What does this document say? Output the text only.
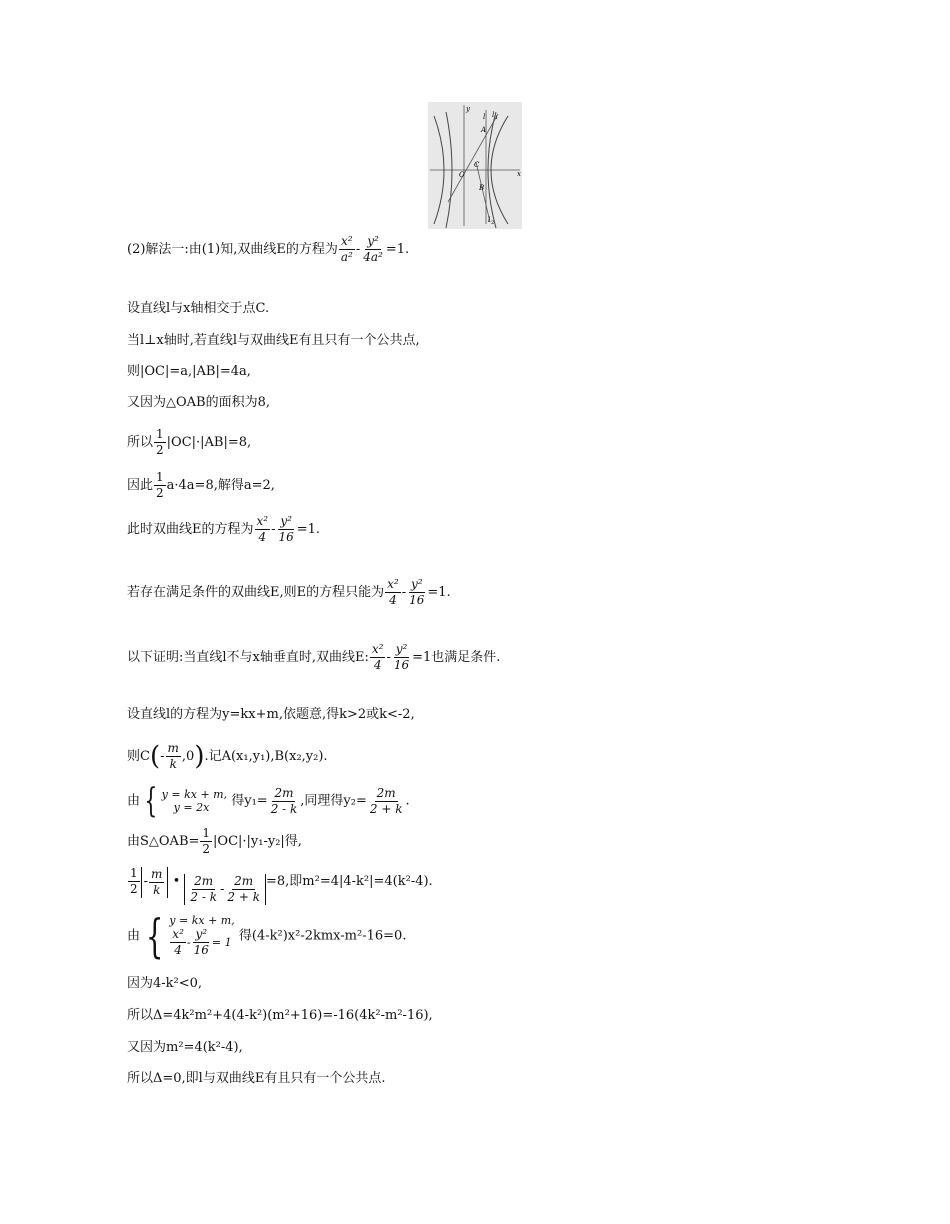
y
x
O
C
A
B
l l 1
l 2
(2)解法一:由(1)知,双曲线E的方程为 $\frac{\text{x²}}{\text{a²}} - \frac{\text{y²}}{\text{4a²}} =1$.
设直线l与x轴相交于点C.
当l⊥x轴时,若直线l与双曲线E有且只有一个公共点,
则|OC|=a,|AB|=4a,
又因为△OAB的面积为8,
所以 $\frac{1}{2} |OC|\cdot|AB|=8$,
因此 $\frac{1}{2} a\cdot 4a=8$,解得a=2,
此时双曲线E的方程为 $\frac{\text{x²}}{4} - \frac{\text{y²}}{16} =1$.
若存在满足条件的双曲线E,则E的方程只能为 $\frac{\text{x²}}{4} - \frac{\text{y²}}{16} =1$.
以下证明:当直线l不与x轴垂直时,双曲线E: $\frac{\text{x²}}{4} - \frac{\text{y²}}{16} =1$也满足条件.
设直线l的方程为y=kx+m,依题意,得k>2或k<-2,
则$C(- \frac{m}{k} ,0)$.记A(x₁,y₁),B(x₂,y₂).
由 { y = kx + m,
y = 2x	得$y_1= \frac{2m}{2 - k}$ ,同理得$y_2= \frac{2m}{2 + k}$ .
由S△OAB= $\frac{1}{2} |OC|\cdot|y_1-y_2|$得,
$\frac{1}{2} - \frac{m}{k}$ • $\frac{2m}{2 - k} - \frac{2m}{2 + k} =8$,即m²=4|4-k²|=4(k²-4).
由 { y = kx + m,
$\frac{\text{x²}}{4} - \frac{\text{y²}}{16} = 1$ 得(4-k²)x²-2kmx-m²-16=0.
因为4-k²<0,
所以Δ=4k²m²+4(4-k²)(m²+16)=-16(4k²-m²-16),
又因为m²=4(k²-4),
所以Δ=0,即l与双曲线E有且只有一个公共点.
